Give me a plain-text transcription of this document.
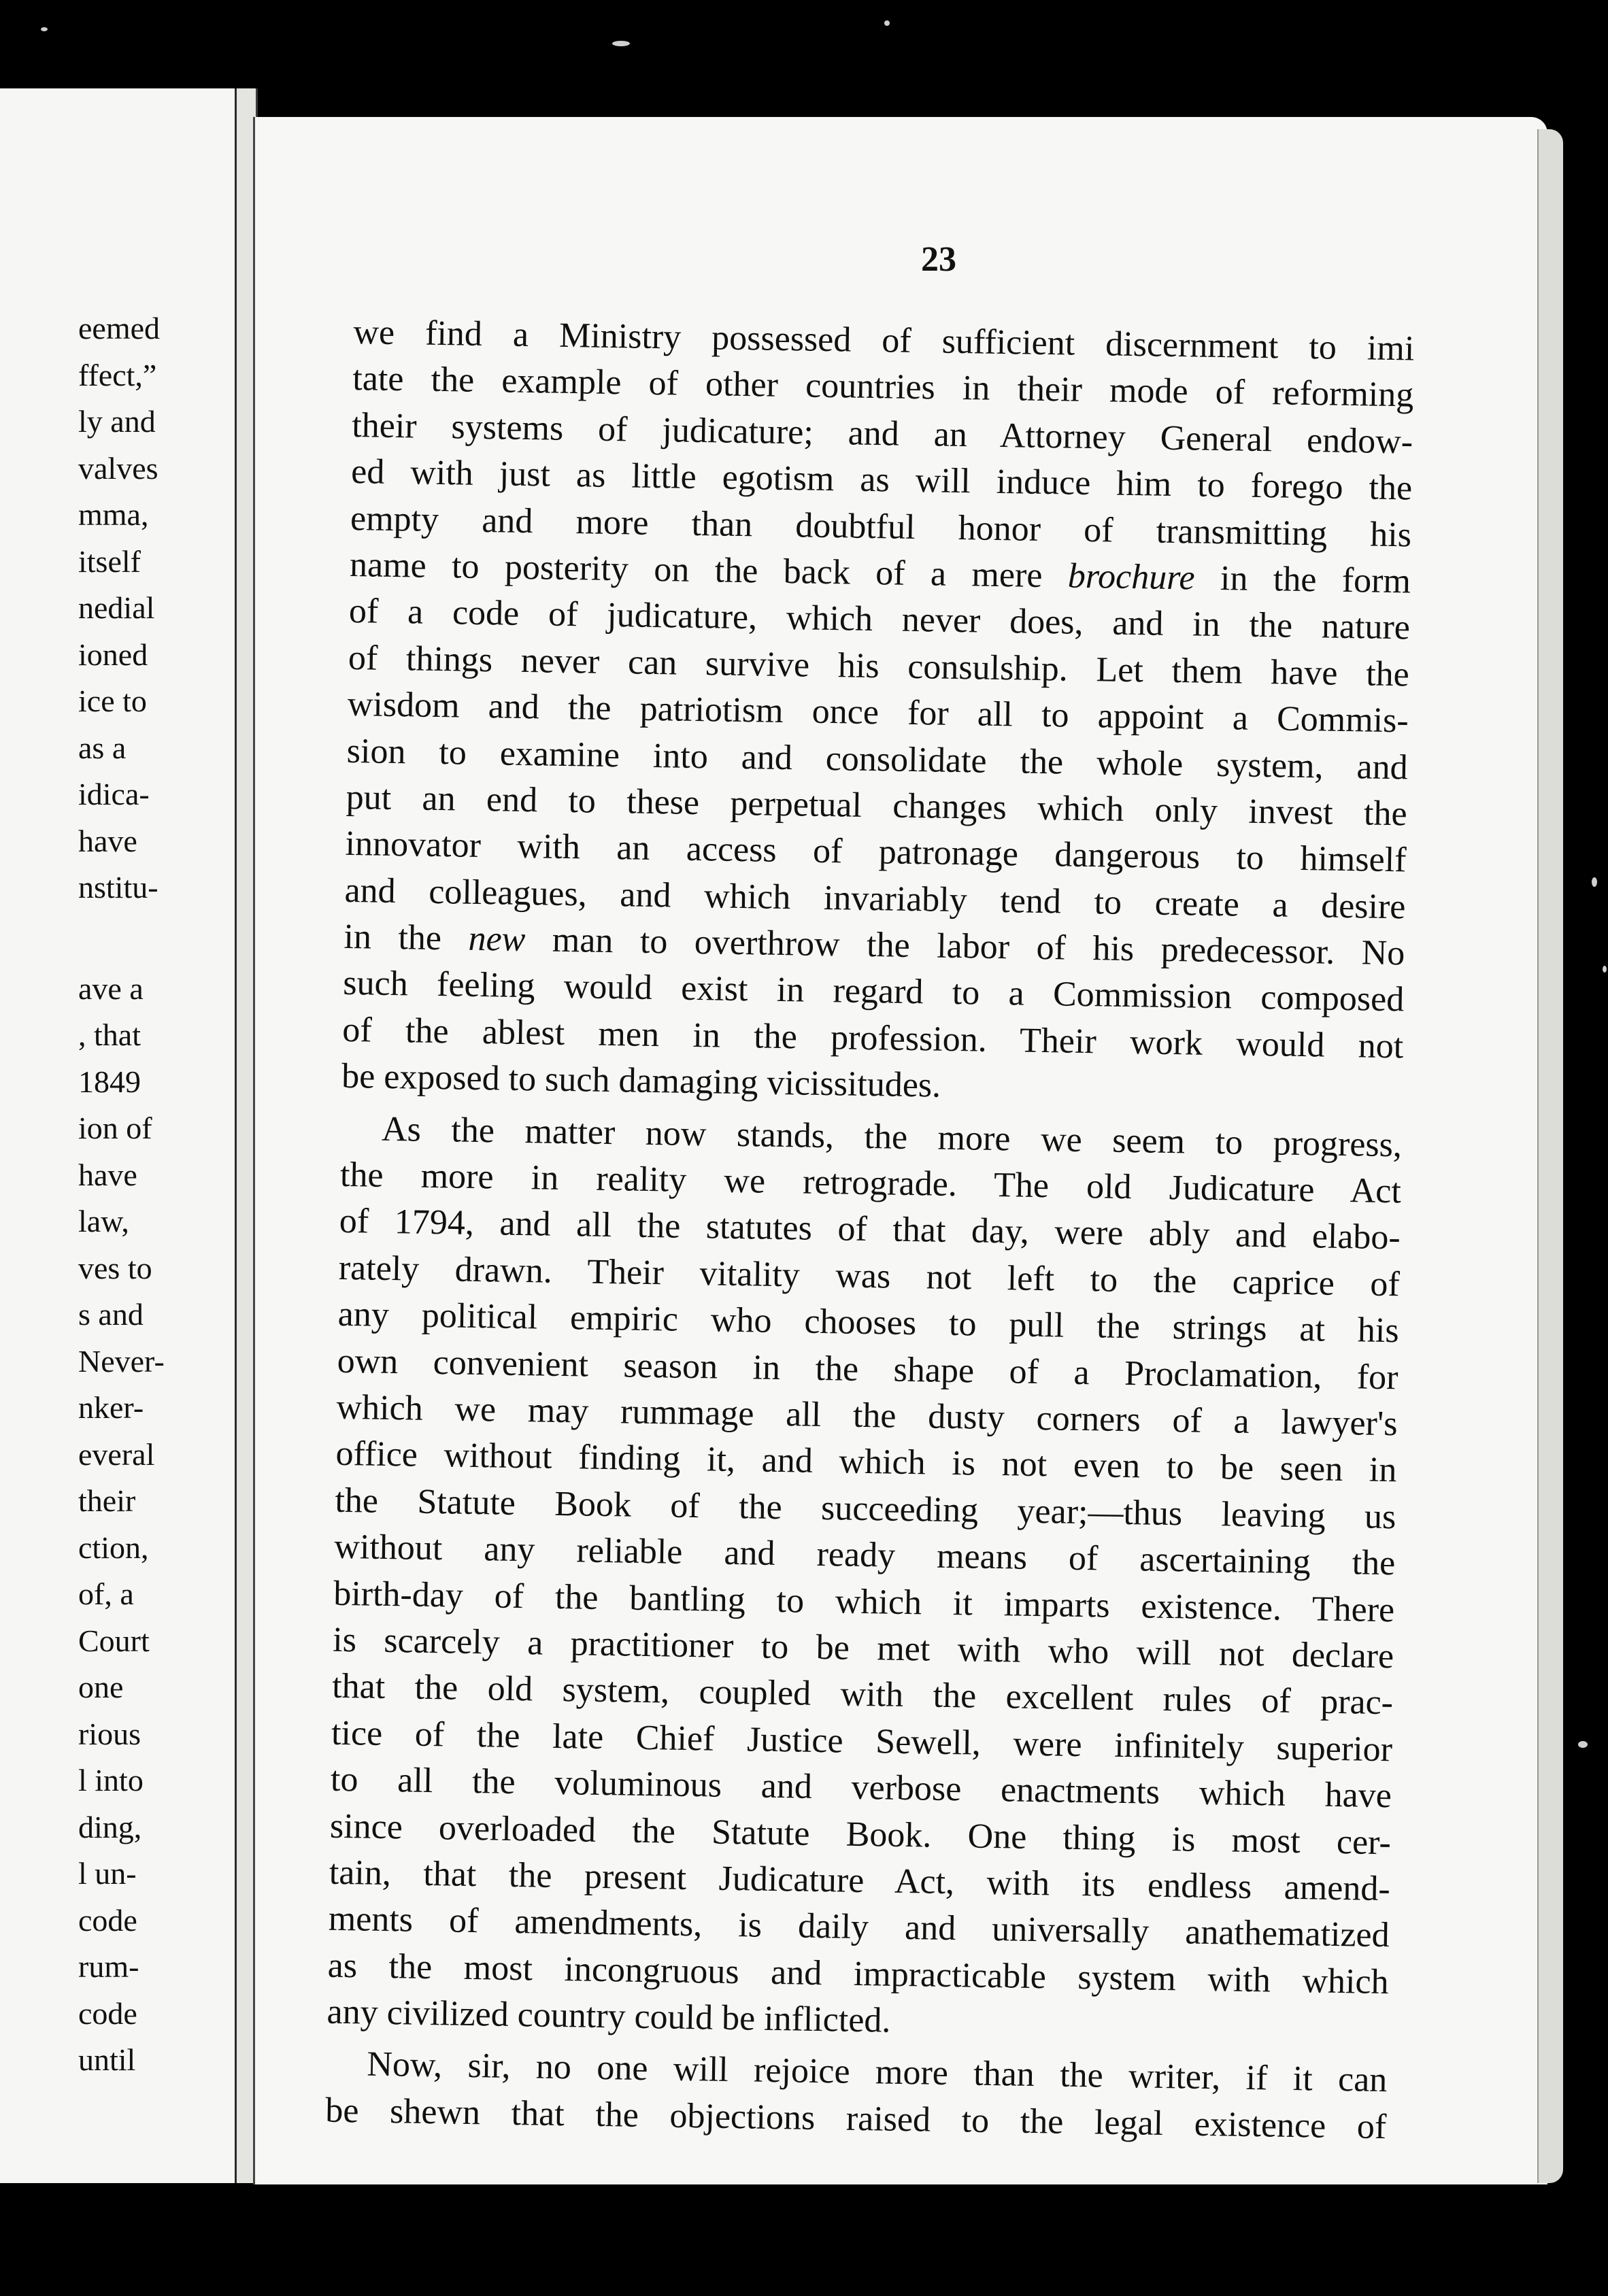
eemed
ffect,”
ly and
valves
mma,
itself
nedial
ioned
ice to
as a
idica-
have
nstitu-
ave a
, that
1849
ion of
have
law,
ves to
s and
Never-
nker-
everal
their
ction,
of, a
Court
one
rious
l into
ding,
l un-
code
rum-
code
until
23
we find a Ministry possessed of sufficient discernment to imi
tate the example of other countries in their mode of reforming
their systems of judicature; and an Attorney General endow-
ed with just as little egotism as will induce him to forego the
empty and more than doubtful honor of transmitting his
name to posterity on the back of a mere brochure in the form
of a code of judicature, which never does, and in the nature
of things never can survive his consulship. Let them have the
wisdom and the patriotism once for all to appoint a Commis-
sion to examine into and consolidate the whole system, and
put an end to these perpetual changes which only invest the
innovator with an access of patronage dangerous to himself
and colleagues, and which invariably tend to create a desire
in the new man to overthrow the labor of his predecessor. No
such feeling would exist in regard to a Commission composed
of the ablest men in the profession. Their work would not
be exposed to such damaging vicissitudes.
As the matter now stands, the more we seem to progress,
the more in reality we retrograde. The old Judicature Act
of 1794, and all the statutes of that day, were ably and elabo-
rately drawn. Their vitality was not left to the caprice of
any political empiric who chooses to pull the strings at his
own convenient season in the shape of a Proclamation, for
which we may rummage all the dusty corners of a lawyer's
office without finding it, and which is not even to be seen in
the Statute Book of the succeeding year;—thus leaving us
without any reliable and ready means of ascertaining the
birth-day of the bantling to which it imparts existence. There
is scarcely a practitioner to be met with who will not declare
that the old system, coupled with the excellent rules of prac-
tice of the late Chief Justice Sewell, were infinitely superior
to all the voluminous and verbose enactments which have
since overloaded the Statute Book. One thing is most cer-
tain, that the present Judicature Act, with its endless amend-
ments of amendments, is daily and universally anathematized
as the most incongruous and impracticable system with which
any civilized country could be inflicted.
Now, sir, no one will rejoice more than the writer, if it can
be shewn that the objections raised to the legal existence of
